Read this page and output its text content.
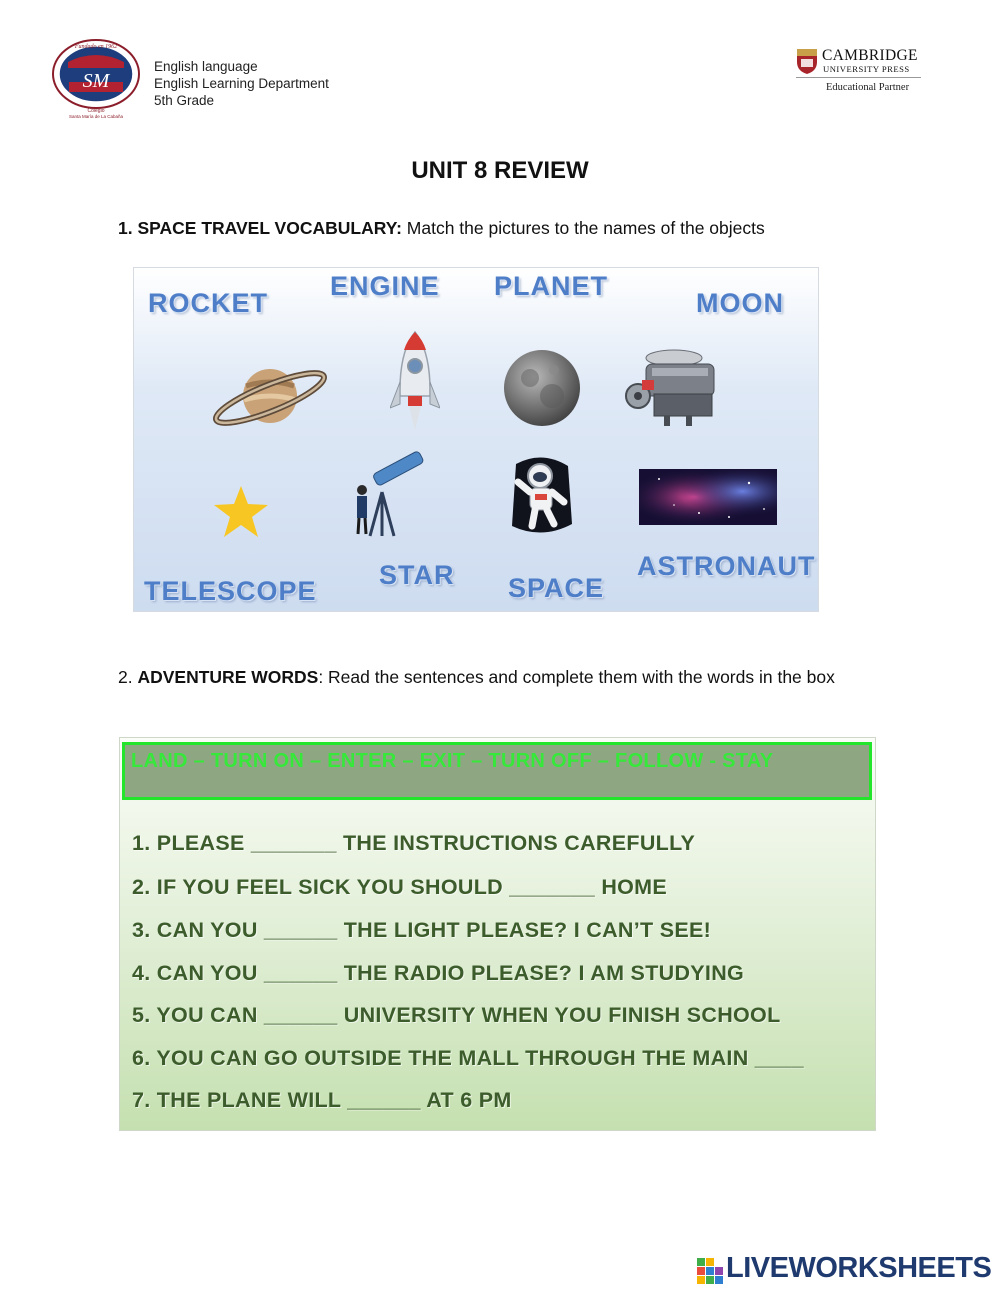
SM
Colegio
Santa María de La Cabaña
Fundado en 1962
English language
English Learning Department
5th Grade
CAMBRIDGE
UNIVERSITY PRESS
Educational Partner
UNIT 8 REVIEW
1. SPACE TRAVEL VOCABULARY: Match the pictures to the names of the objects
ROCKET
ENGINE PLANET
MOON
TELESCOPE
STAR SPACE
ASTRONAUT
2. ADVENTURE WORDS: Read the sentences and complete them with the words in the box
LAND – TURN ON – ENTER – EXIT – TURN OFF – FOLLOW - STAY
1. PLEASE _______ THE INSTRUCTIONS CAREFULLY
2. IF YOU FEEL SICK YOU SHOULD _______ HOME
3. CAN YOU ______ THE LIGHT PLEASE? I CAN’T SEE!
4. CAN YOU ______ THE RADIO PLEASE? I AM STUDYING
5. YOU CAN ______ UNIVERSITY WHEN YOU FINISH SCHOOL
6. YOU CAN GO OUTSIDE THE MALL THROUGH THE MAIN ____
7. THE PLANE WILL ______ AT 6 PM
LIVEWORKSHEETS
